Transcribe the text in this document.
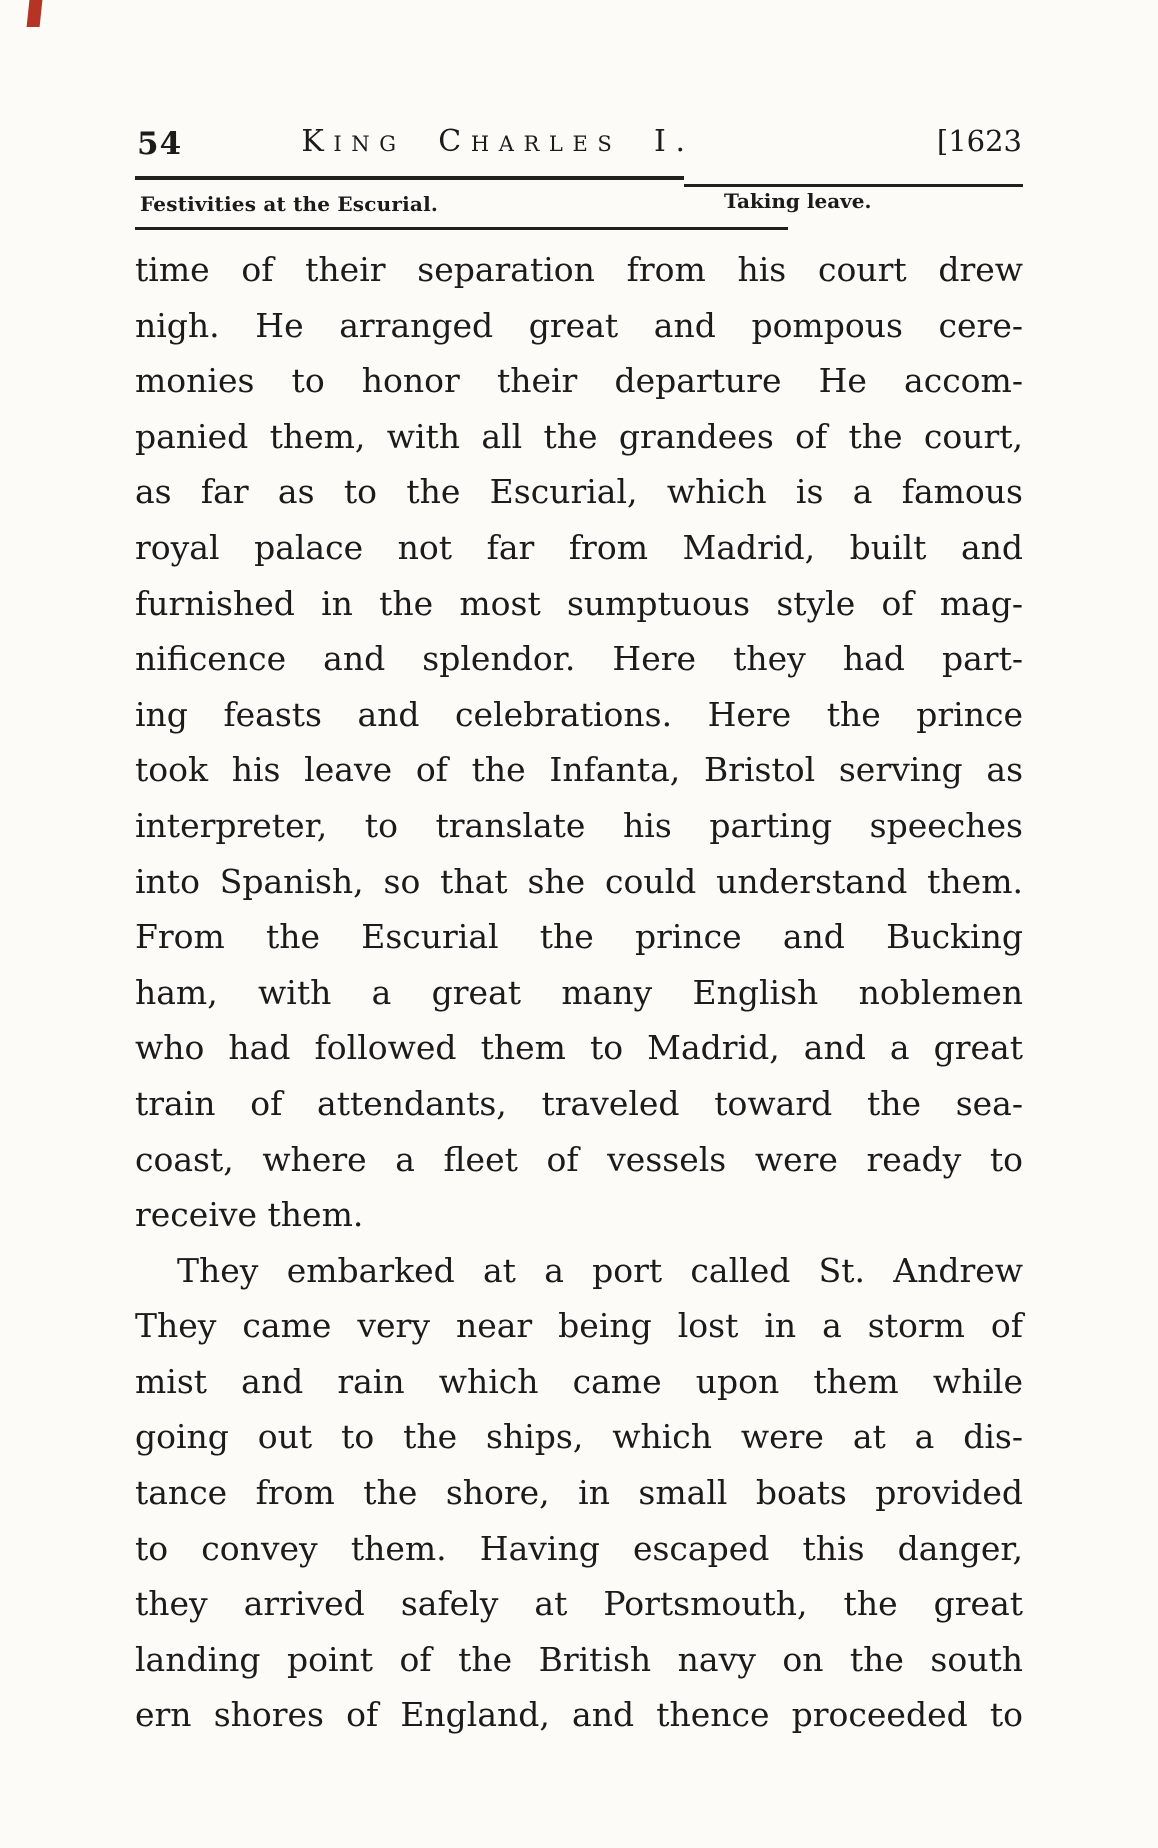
54	King Charles I.	[1623
Festivities at the Escurial.	Taking leave.
time of their separation from his court drew
nigh. He arranged great and pompous cere-
monies to honor their departure He accom-
panied them, with all the grandees of the court,
as far as to the Escurial, which is a famous
royal palace not far from Madrid, built and
furnished in the most sumptuous style of mag-
nificence and splendor. Here they had part-
ing feasts and celebrations. Here the prince
took his leave of the Infanta, Bristol serving as
interpreter, to translate his parting speeches
into Spanish, so that she could understand them.
From the Escurial the prince and Bucking
ham, with a great many English noblemen
who had followed them to Madrid, and a great
train of attendants, traveled toward the sea-
coast, where a fleet of vessels were ready to
receive them.
They embarked at a port called St. Andrew
They came very near being lost in a storm of
mist and rain which came upon them while
going out to the ships, which were at a dis-
tance from the shore, in small boats provided
to convey them. Having escaped this danger,
they arrived safely at Portsmouth, the great
landing point of the British navy on the south
ern shores of England, and thence proceeded to
